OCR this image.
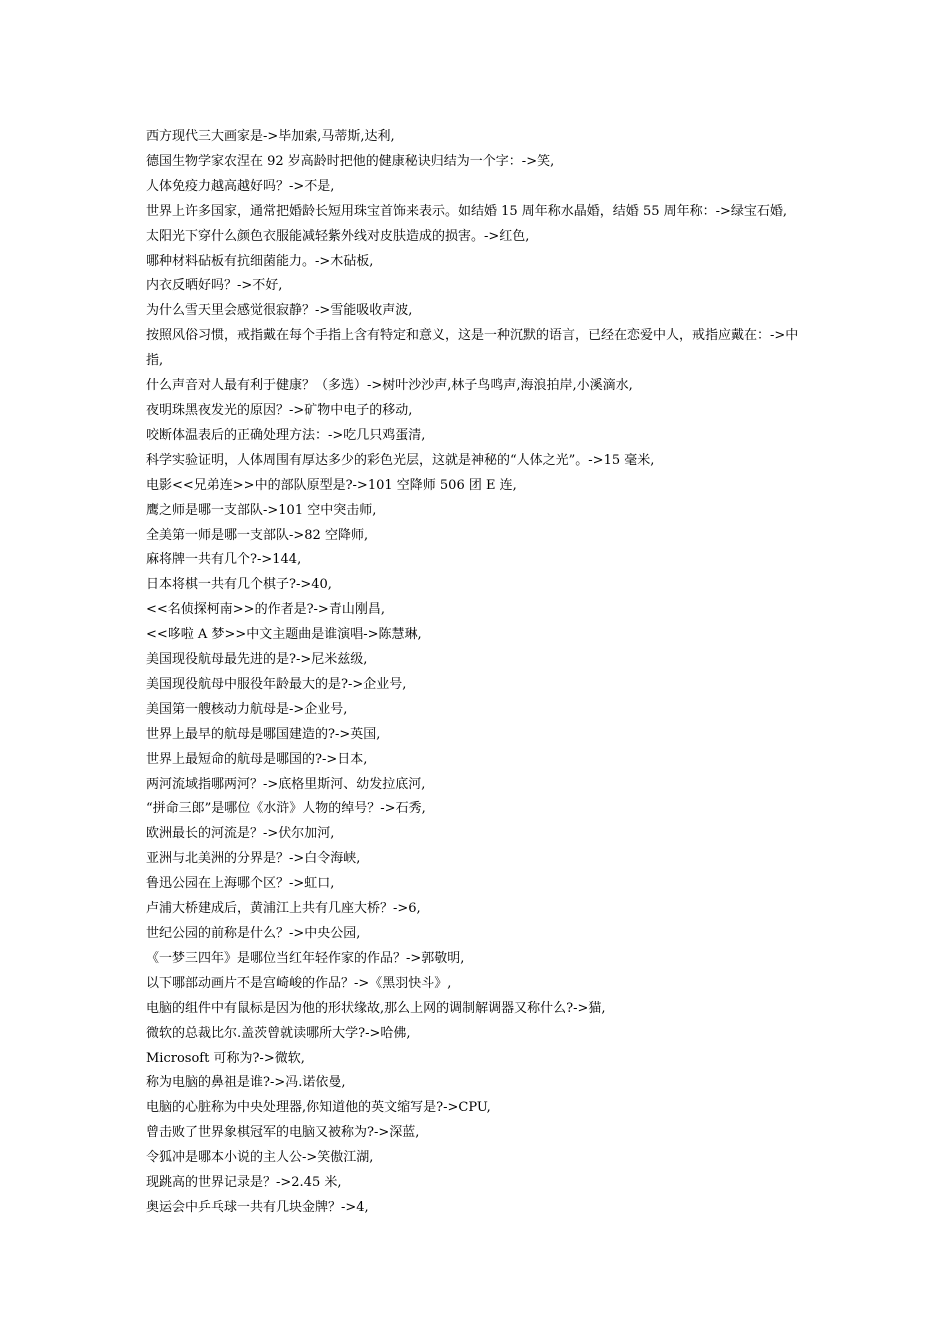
西方现代三大画家是->毕加索,马蒂斯,达利,
德国生物学家农涅在 92 岁高龄时把他的健康秘诀归结为一个字：->笑,
人体免疫力越高越好吗？->不是,
世界上许多国家，通常把婚龄长短用珠宝首饰来表示。如结婚 15 周年称水晶婚，结婚 55 周年称：->绿宝石婚,
太阳光下穿什么颜色衣服能减轻紫外线对皮肤造成的损害。->红色,
哪种材料砧板有抗细菌能力。->木砧板,
内衣反晒好吗？->不好,
为什么雪天里会感觉很寂静？->雪能吸收声波,
按照风俗习惯，戒指戴在每个手指上含有特定和意义，这是一种沉默的语言，已经在恋爱中人，戒指应戴在：->中指,
什么声音对人最有利于健康？（多选）->树叶沙沙声,林子鸟鸣声,海浪拍岸,小溪滴水,
夜明珠黑夜发光的原因？->矿物中电子的移动,
咬断体温表后的正确处理方法：->吃几只鸡蛋清,
科学实验证明，人体周围有厚达多少的彩色光层，这就是神秘的“人体之光”。->15 毫米,
电影<<兄弟连>>中的部队原型是?->101 空降师 506 团 E 连,
鹰之师是哪一支部队->101 空中突击师,
全美第一师是哪一支部队->82 空降师,
麻将牌一共有几个?->144,
日本将棋一共有几个棋子?->40,
<<名侦探柯南>>的作者是?->青山刚昌,
<<哆啦 A 梦>>中文主题曲是谁演唱->陈慧琳,
美国现役航母最先进的是?->尼米兹级,
美国现役航母中服役年龄最大的是?->企业号,
美国第一艘核动力航母是->企业号,
世界上最早的航母是哪国建造的?->英国,
世界上最短命的航母是哪国的?->日本,
两河流域指哪两河？->底格里斯河、幼发拉底河,
“拼命三郎”是哪位《水浒》人物的绰号？->石秀,
欧洲最长的河流是？->伏尔加河,
亚洲与北美洲的分界是？->白令海峡,
鲁迅公园在上海哪个区？->虹口,
卢浦大桥建成后，黄浦江上共有几座大桥？->6,
世纪公园的前称是什么？->中央公园,
《一梦三四年》是哪位当红年轻作家的作品？->郭敬明,
以下哪部动画片不是宫崎峻的作品？->《黑羽快斗》,
电脑的组件中有鼠标是因为他的形状缘故,那么上网的调制解调器又称什么?->猫,
微软的总裁比尔.盖茨曾就读哪所大学?->哈佛,
Microsoft 可称为?->微软,
称为电脑的鼻祖是谁?->冯.诺依曼,
电脑的心脏称为中央处理器,你知道他的英文缩写是?->CPU,
曾击败了世界象棋冠军的电脑又被称为?->深蓝,
令狐冲是哪本小说的主人公->笑傲江湖,
现跳高的世界记录是？->2.45 米,
奥运会中乒乓球一共有几块金牌？->4,
